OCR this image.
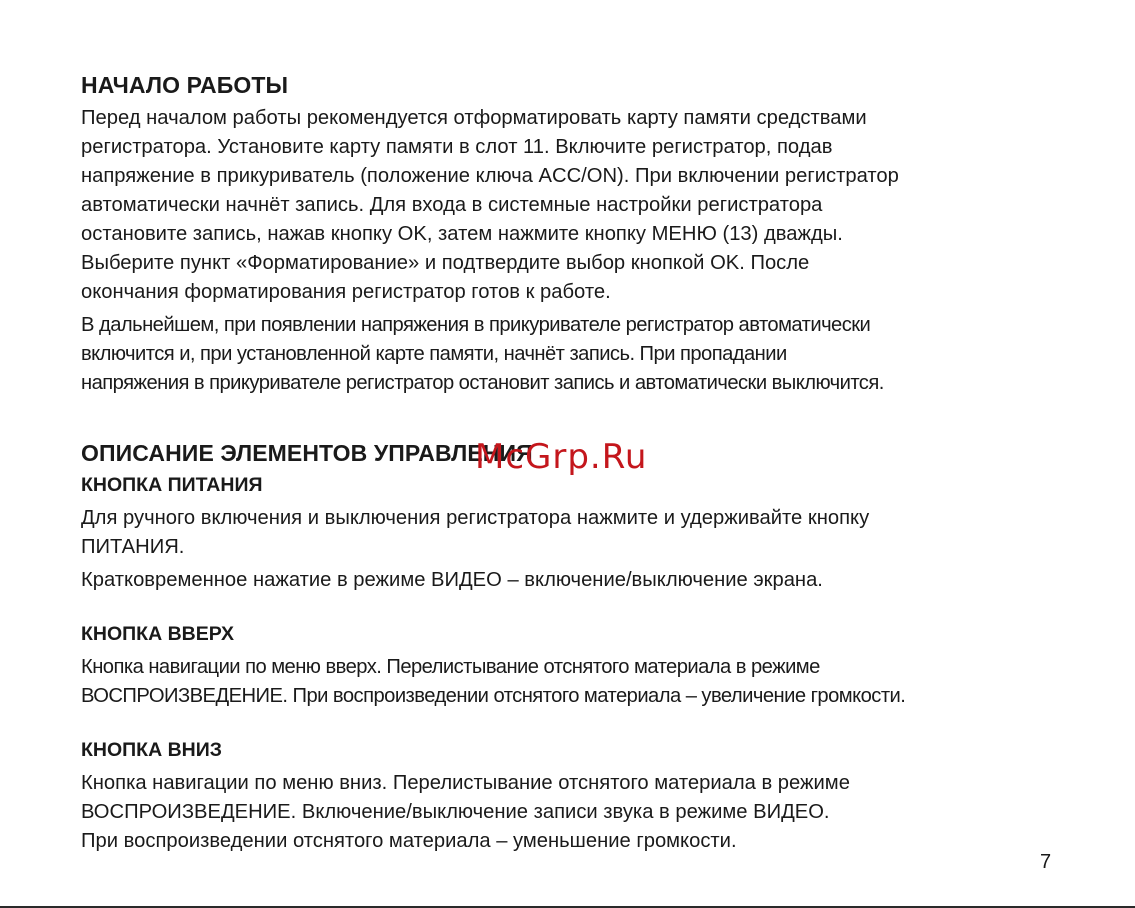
НАЧАЛО РАБОТЫ
Перед началом работы рекомендуется отформатировать карту памяти средствами
регистратора. Установите карту памяти в слот 11. Включите регистратор, подав
напряжение в прикуриватель (положение ключа ACC/ON). При включении регистратор
автоматически начнёт запись. Для входа в системные настройки регистратора
остановите запись, нажав кнопку OK, затем нажмите кнопку МЕНЮ (13) дважды.
Выберите пункт «Форматирование» и подтвердите выбор кнопкой OK. После
окончания форматирования регистратор готов к работе.
В дальнейшем, при появлении напряжения в прикуривателе регистратор автоматически
включится и, при установленной карте памяти, начнёт запись. При пропадании
напряжения в прикуривателе регистратор остановит запись и автоматически выключится.
ОПИСАНИЕ ЭЛЕМЕНТОВ УПРАВЛЕНИЯ
КНОПКА ПИТАНИЯ
Для ручного включения и выключения регистратора нажмите и удерживайте кнопку
ПИТАНИЯ.
Кратковременное нажатие в режиме ВИДЕО – включение/выключение экрана.
КНОПКА ВВЕРХ
Кнопка навигации по меню вверх. Перелистывание отснятого материала в режиме
ВОСПРОИЗВЕДЕНИЕ. При воспроизведении отснятого материала – увеличение громкости.
КНОПКА ВНИЗ
Кнопка навигации по меню вниз. Перелистывание отснятого материала в режиме
ВОСПРОИЗВЕДЕНИЕ. Включение/выключение записи звука в режиме ВИДЕО.
При воспроизведении отснятого материала – уменьшение громкости.
McGrp.Ru
7
